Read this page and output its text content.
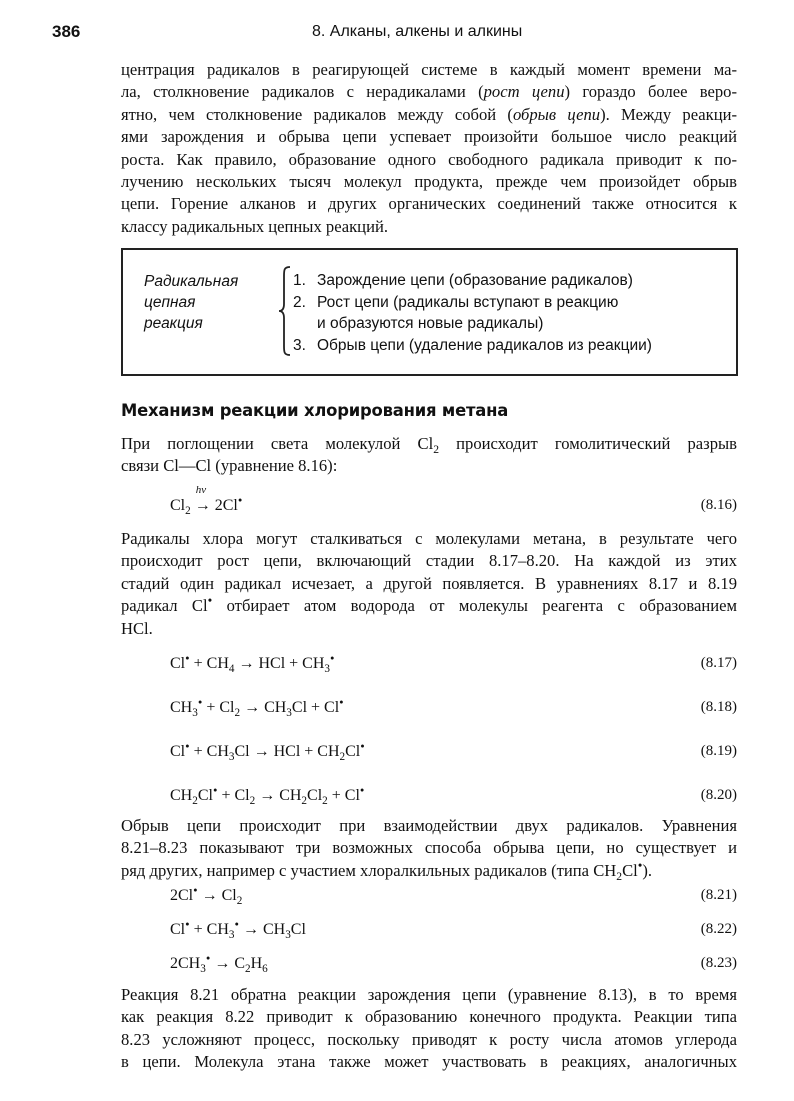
386	8. Алканы, алкены и алкины
центрация радикалов в реагирующей системе в каждый момент времени ма-
ла, столкновение радикалов с нерадикалами (рост цепи) гораздо более веро-
ятно, чем столкновение радикалов между собой (обрыв цепи). Между реакци-
ями зарождения и обрыва цепи успевает произойти большое число реакций
роста. Как правило, образование одного свободного радикала приводит к по-
лучению нескольких тысяч молекул продукта, прежде чем произойдет обрыв
цепи. Горение алканов и других органических соединений также относится к
классу радикальных цепных реакций.
Радикальная
цепная
реакция
1. Зарождение цепи (образование радикалов)
2. Рост цепи (радикалы вступают в реакцию
и образуются новые радикалы)
3. Обрыв цепи (удаление радикалов из реакции)
Механизм реакции хлорирования метана
При поглощении света молекулой $Cl_2$ происходит гомолитический разрыв
связи Cl—Cl (уравнение 8.16):
$Cl_2$
hv
→ 2Cl•	(8.16)
Радикалы хлора могут сталкиваться с молекулами метана, в результате чего
происходит рост цепи, включающий стадии 8.17–8.20. На каждой из этих
стадий один радикал исчезает, а другой появляется. В уравнениях 8.17 и 8.19
радикал Cl• отбирает атом водорода от молекулы реагента с образованием
HCl.
$Cl^• + CH_4$ → HCl + $CH_3^•$	(8.17)
$CH_3^• + Cl_2 \to CH_3Cl + Cl^•$	(8.18)
$Cl^• + CH_3Cl$ → HCl + $CH_2Cl^•$	(8.19)
$CH_2Cl^• + Cl_2 \to CH_2Cl_2 + Cl^•$	(8.20)
Обрыв цепи происходит при взаимодействии двух радикалов. Уравнения
8.21–8.23 показывают три возможных способа обрыва цепи, но существует и
ряд других, например с участием хлоралкильных радикалов (типа $CH_2Cl^•$).
$2Cl^• \to Cl_2$	(8.21)
$Cl^• + CH_3^• \to CH_3Cl$	(8.22)
$2CH_3^• \to C_2H_6$	(8.23)
Реакция 8.21 обратна реакции зарождения цепи (уравнение 8.13), в то время
как реакция 8.22 приводит к образованию конечного продукта. Реакции типа
8.23 усложняют процесс, поскольку приводят к росту числа атомов углерода
в цепи. Молекула этана также может участвовать в реакциях, аналогичных
